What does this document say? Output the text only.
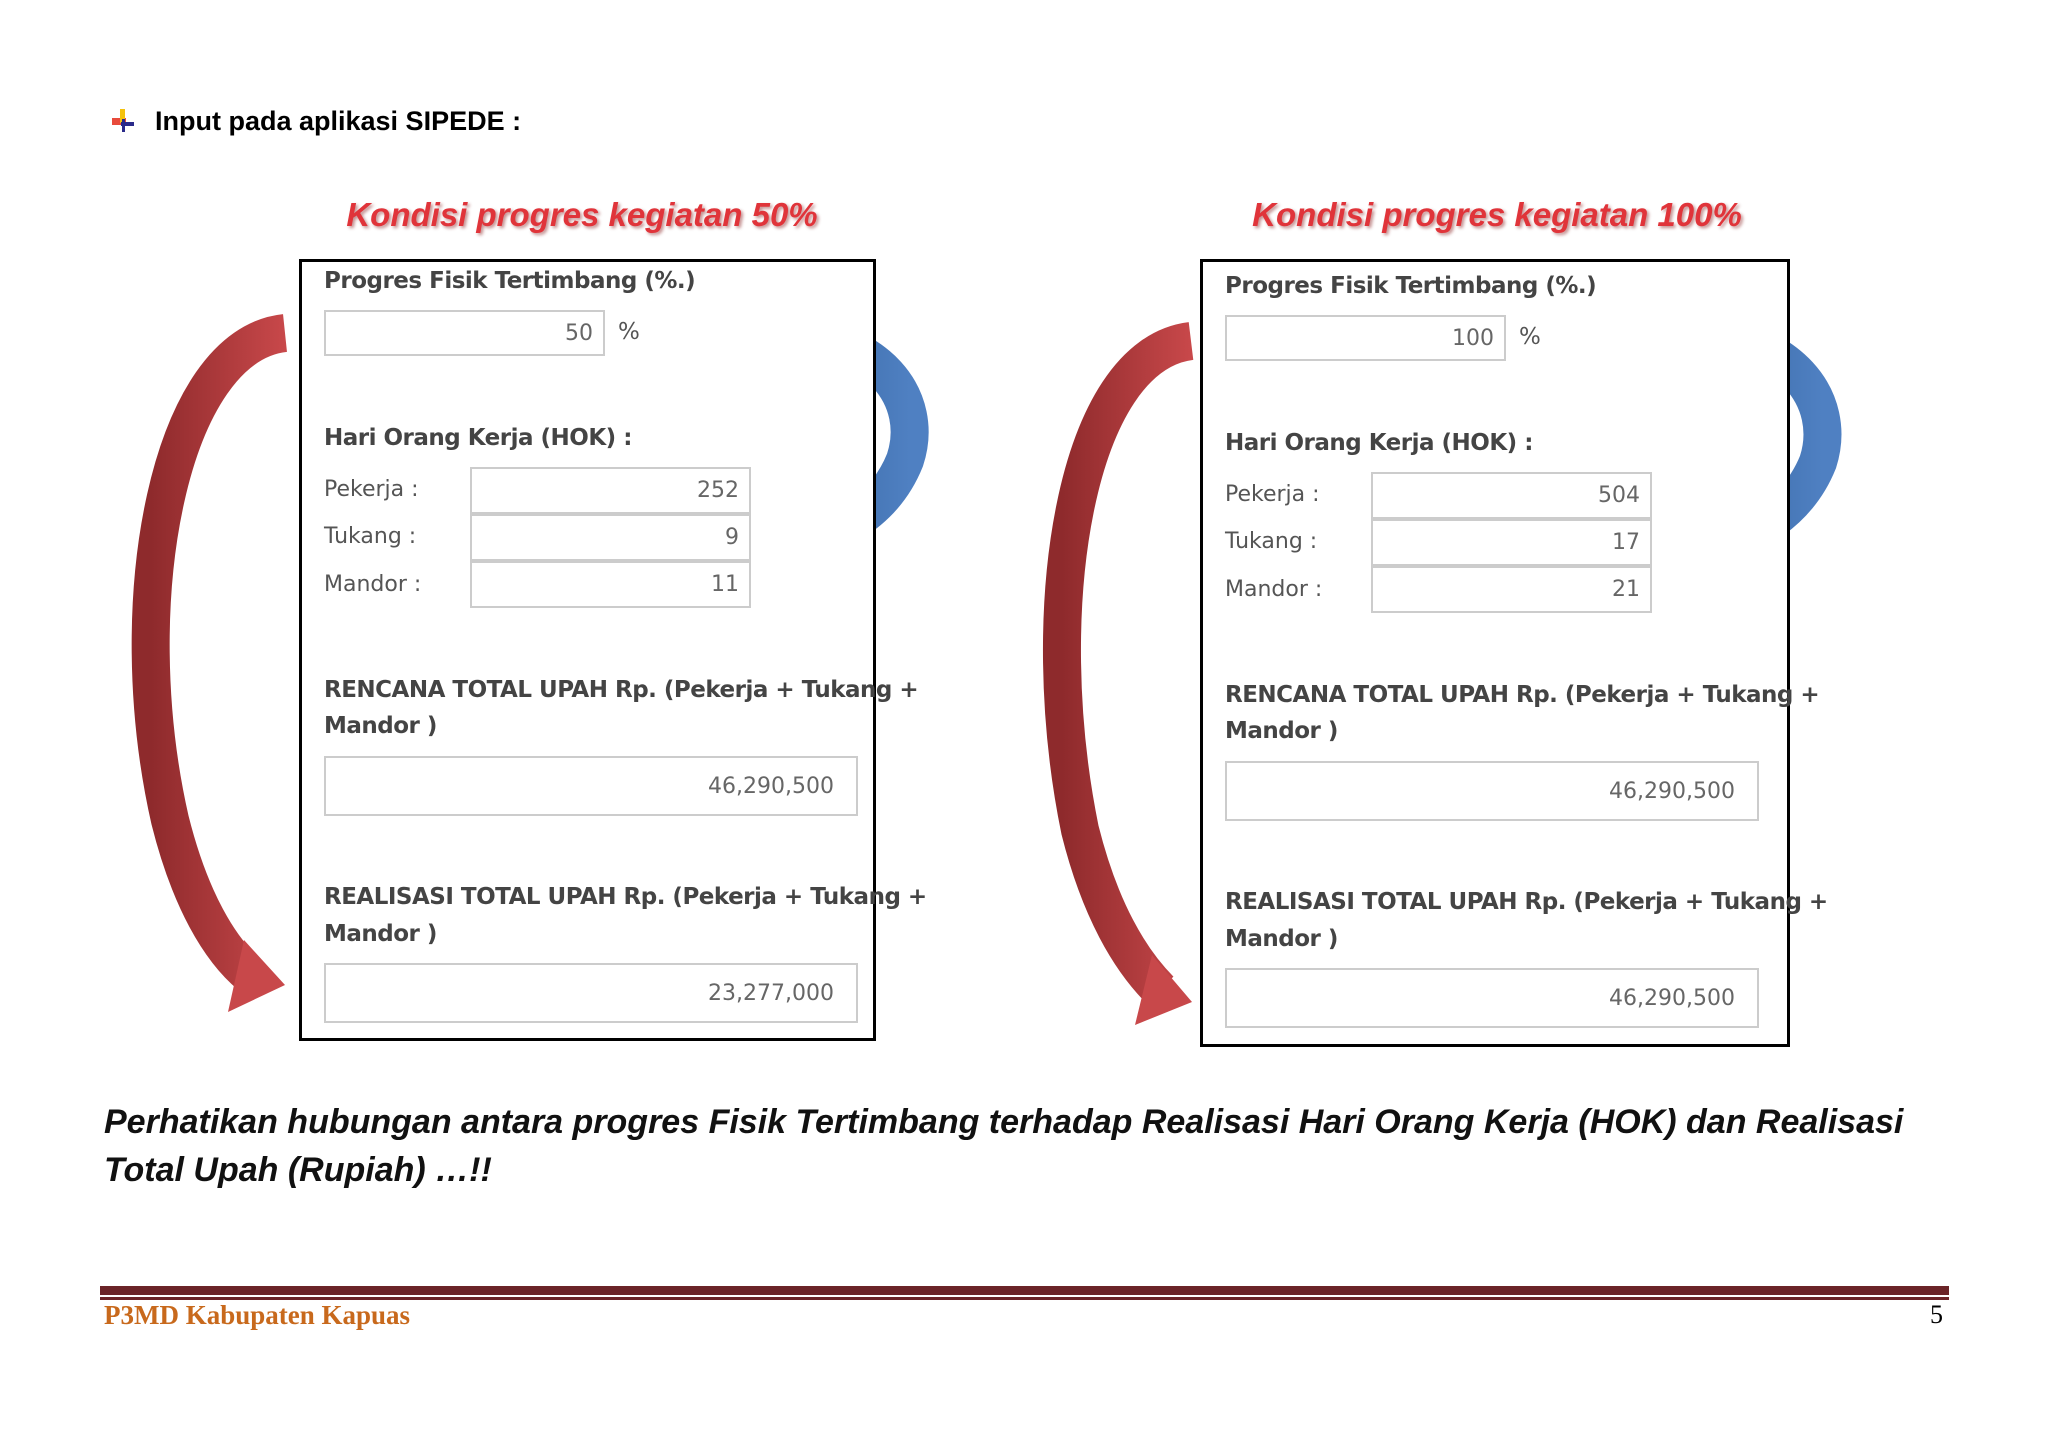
Input pada aplikasi SIPEDE :
Kondisi progres kegiatan 50%
Progres Fisik Tertimbang (%.)
50	%
Hari Orang Kerja (HOK) :
Pekerja :	252
Tukang :	9
Mandor :	11
RENCANA TOTAL UPAH Rp. (Pekerja + Tukang +
Mandor )
46,290,500
REALISASI TOTAL UPAH Rp. (Pekerja + Tukang +
Mandor )
23,277,000
Kondisi progres kegiatan 100%
Progres Fisik Tertimbang (%.)
100	%
Hari Orang Kerja (HOK) :
Pekerja :	504
Tukang :	17
Mandor :	21
RENCANA TOTAL UPAH Rp. (Pekerja + Tukang +
Mandor )
46,290,500
REALISASI TOTAL UPAH Rp. (Pekerja + Tukang +
Mandor )
46,290,500
Perhatikan hubungan antara progres Fisik Tertimbang terhadap Realisasi Hari Orang Kerja (HOK) dan Realisasi
Total Upah (Rupiah) …!!
P3MD Kabupaten Kapuas	5
